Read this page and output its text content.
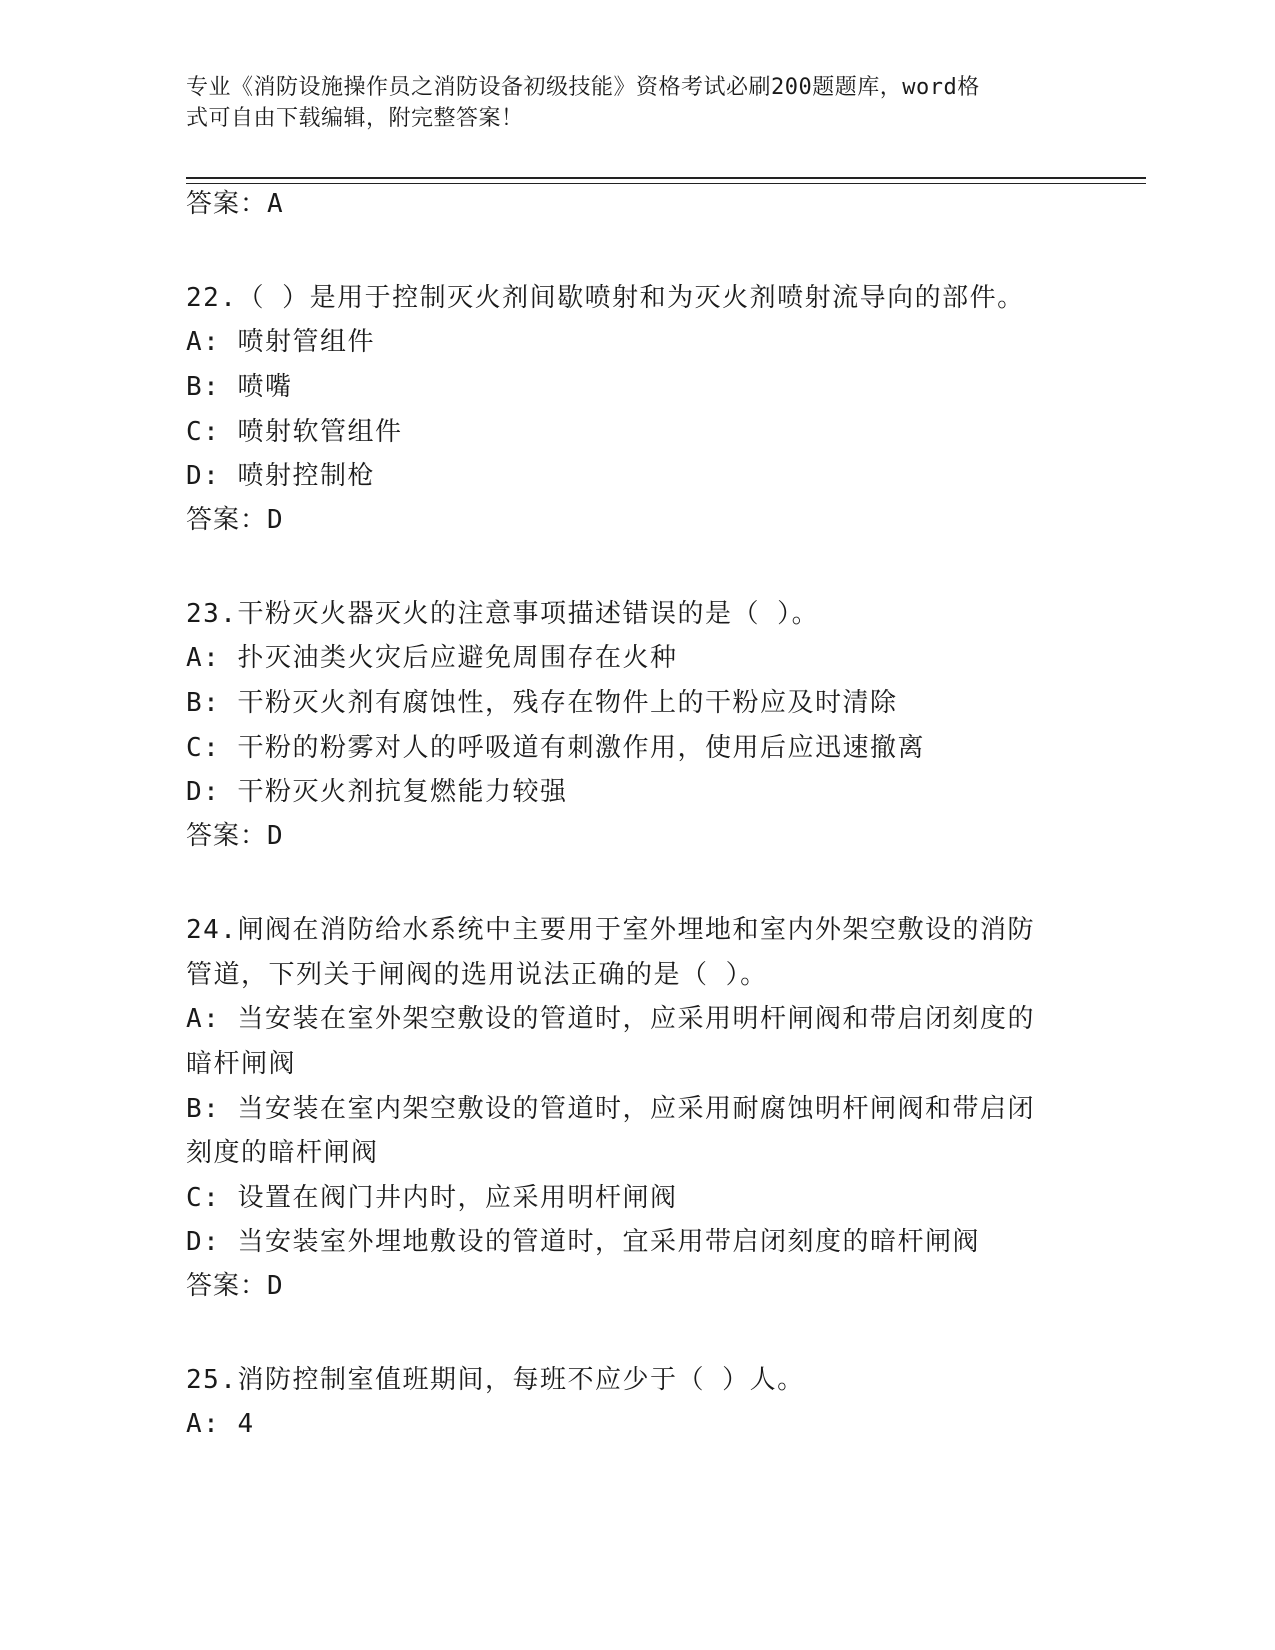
专业《消防设施操作员之消防设备初级技能》资格考试必刷200题题库，word格
式可自由下载编辑，附完整答案！
答案：A
22.（ ）是用于控制灭火剂间歇喷射和为灭火剂喷射流导向的部件。
A: 喷射管组件
B: 喷嘴
C: 喷射软管组件
D: 喷射控制枪
答案：D
23.干粉灭火器灭火的注意事项描述错误的是（ ）。
A: 扑灭油类火灾后应避免周围存在火种
B: 干粉灭火剂有腐蚀性，残存在物件上的干粉应及时清除
C: 干粉的粉雾对人的呼吸道有刺激作用，使用后应迅速撤离
D: 干粉灭火剂抗复燃能力较强
答案：D
24.闸阀在消防给水系统中主要用于室外埋地和室内外架空敷设的消防
管道，下列关于闸阀的选用说法正确的是（ ）。
A: 当安装在室外架空敷设的管道时，应采用明杆闸阀和带启闭刻度的
暗杆闸阀
B: 当安装在室内架空敷设的管道时，应采用耐腐蚀明杆闸阀和带启闭
刻度的暗杆闸阀
C: 设置在阀门井内时，应采用明杆闸阀
D: 当安装室外埋地敷设的管道时，宜采用带启闭刻度的暗杆闸阀
答案：D
25.消防控制室值班期间，每班不应少于（ ）人。
A: 4
